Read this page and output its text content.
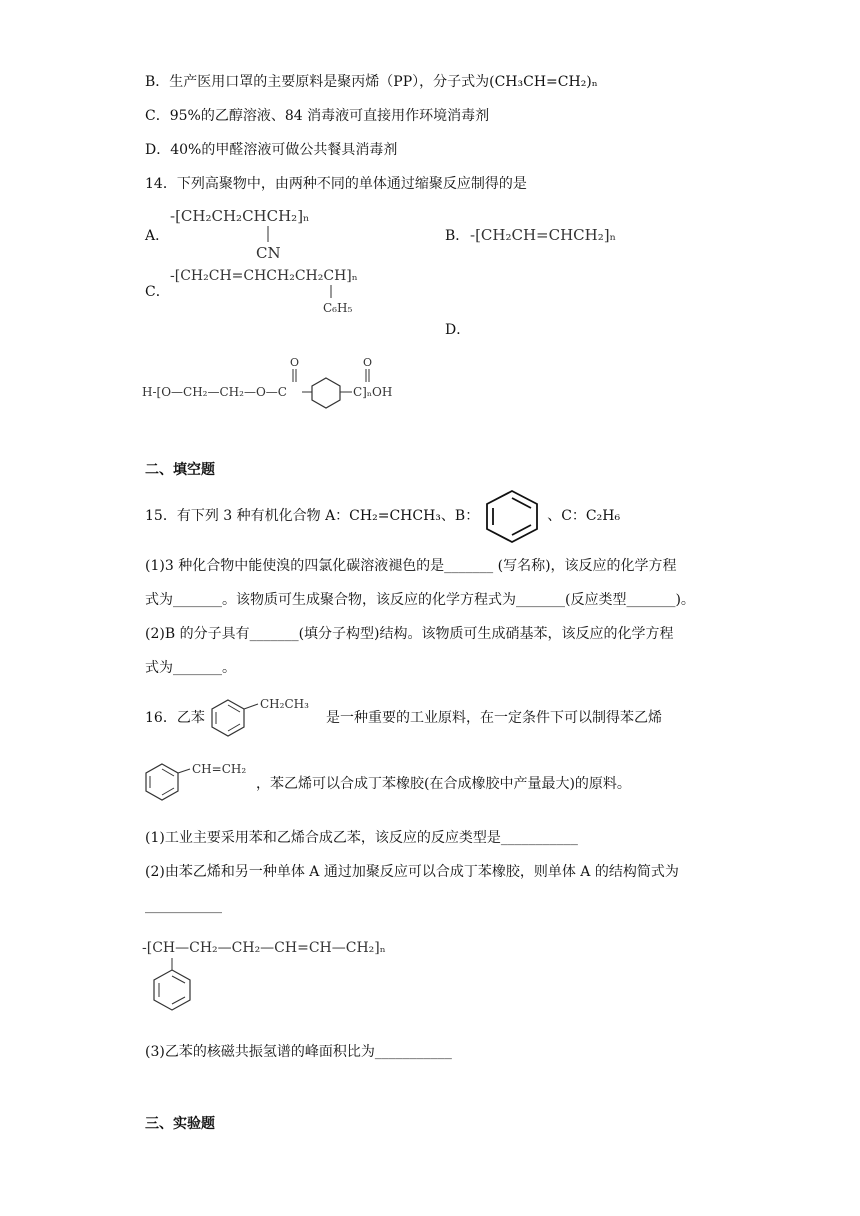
B．生产医用口罩的主要原料是聚丙烯（PP），分子式为(CH₃CH=CH₂)ₙ
C．95%的乙醇溶液、84 消毒液可直接用作环境消毒剂
D．40%的甲醛溶液可做公共餐具消毒剂
14．下列高聚物中，由两种不同的单体通过缩聚反应制得的是
A．
-[CH₂CH₂CHCH₂]ₙ
CN
B． -[CH₂CH=CHCH₂]ₙ
C．
-[CH₂CH=CHCH₂CH₂CH]ₙ
C₆H₅
D．
O
H-[O—CH₂—CH₂—O—C
O
C]ₙOH
二、填空题
15．有下列 3 种有机化合物 A：CH₂=CHCH₃、B：	、C：C₂H₆
(1)3 种化合物中能使溴的四氯化碳溶液褪色的是_______ (写名称)，该反应的化学方程
式为_______。该物质可生成聚合物，该反应的化学方程式为_______(反应类型_______)。
(2)B 的分子具有_______(填分子构型)结构。该物质可生成硝基苯，该反应的化学方程
式为_______。
16．乙苯
CH₂CH₃
是一种重要的工业原料，在一定条件下可以制得苯乙烯
CH=CH₂
，苯乙烯可以合成丁苯橡胶(在合成橡胶中产量最大)的原料。
(1)工业主要采用苯和乙烯合成乙苯，该反应的反应类型是___________
(2)由苯乙烯和另一种单体 A 通过加聚反应可以合成丁苯橡胶，则单体 A 的结构简式为
___________
-[CH—CH₂—CH₂—CH=CH—CH₂]ₙ
(3)乙苯的核磁共振氢谱的峰面积比为___________
三、实验题
